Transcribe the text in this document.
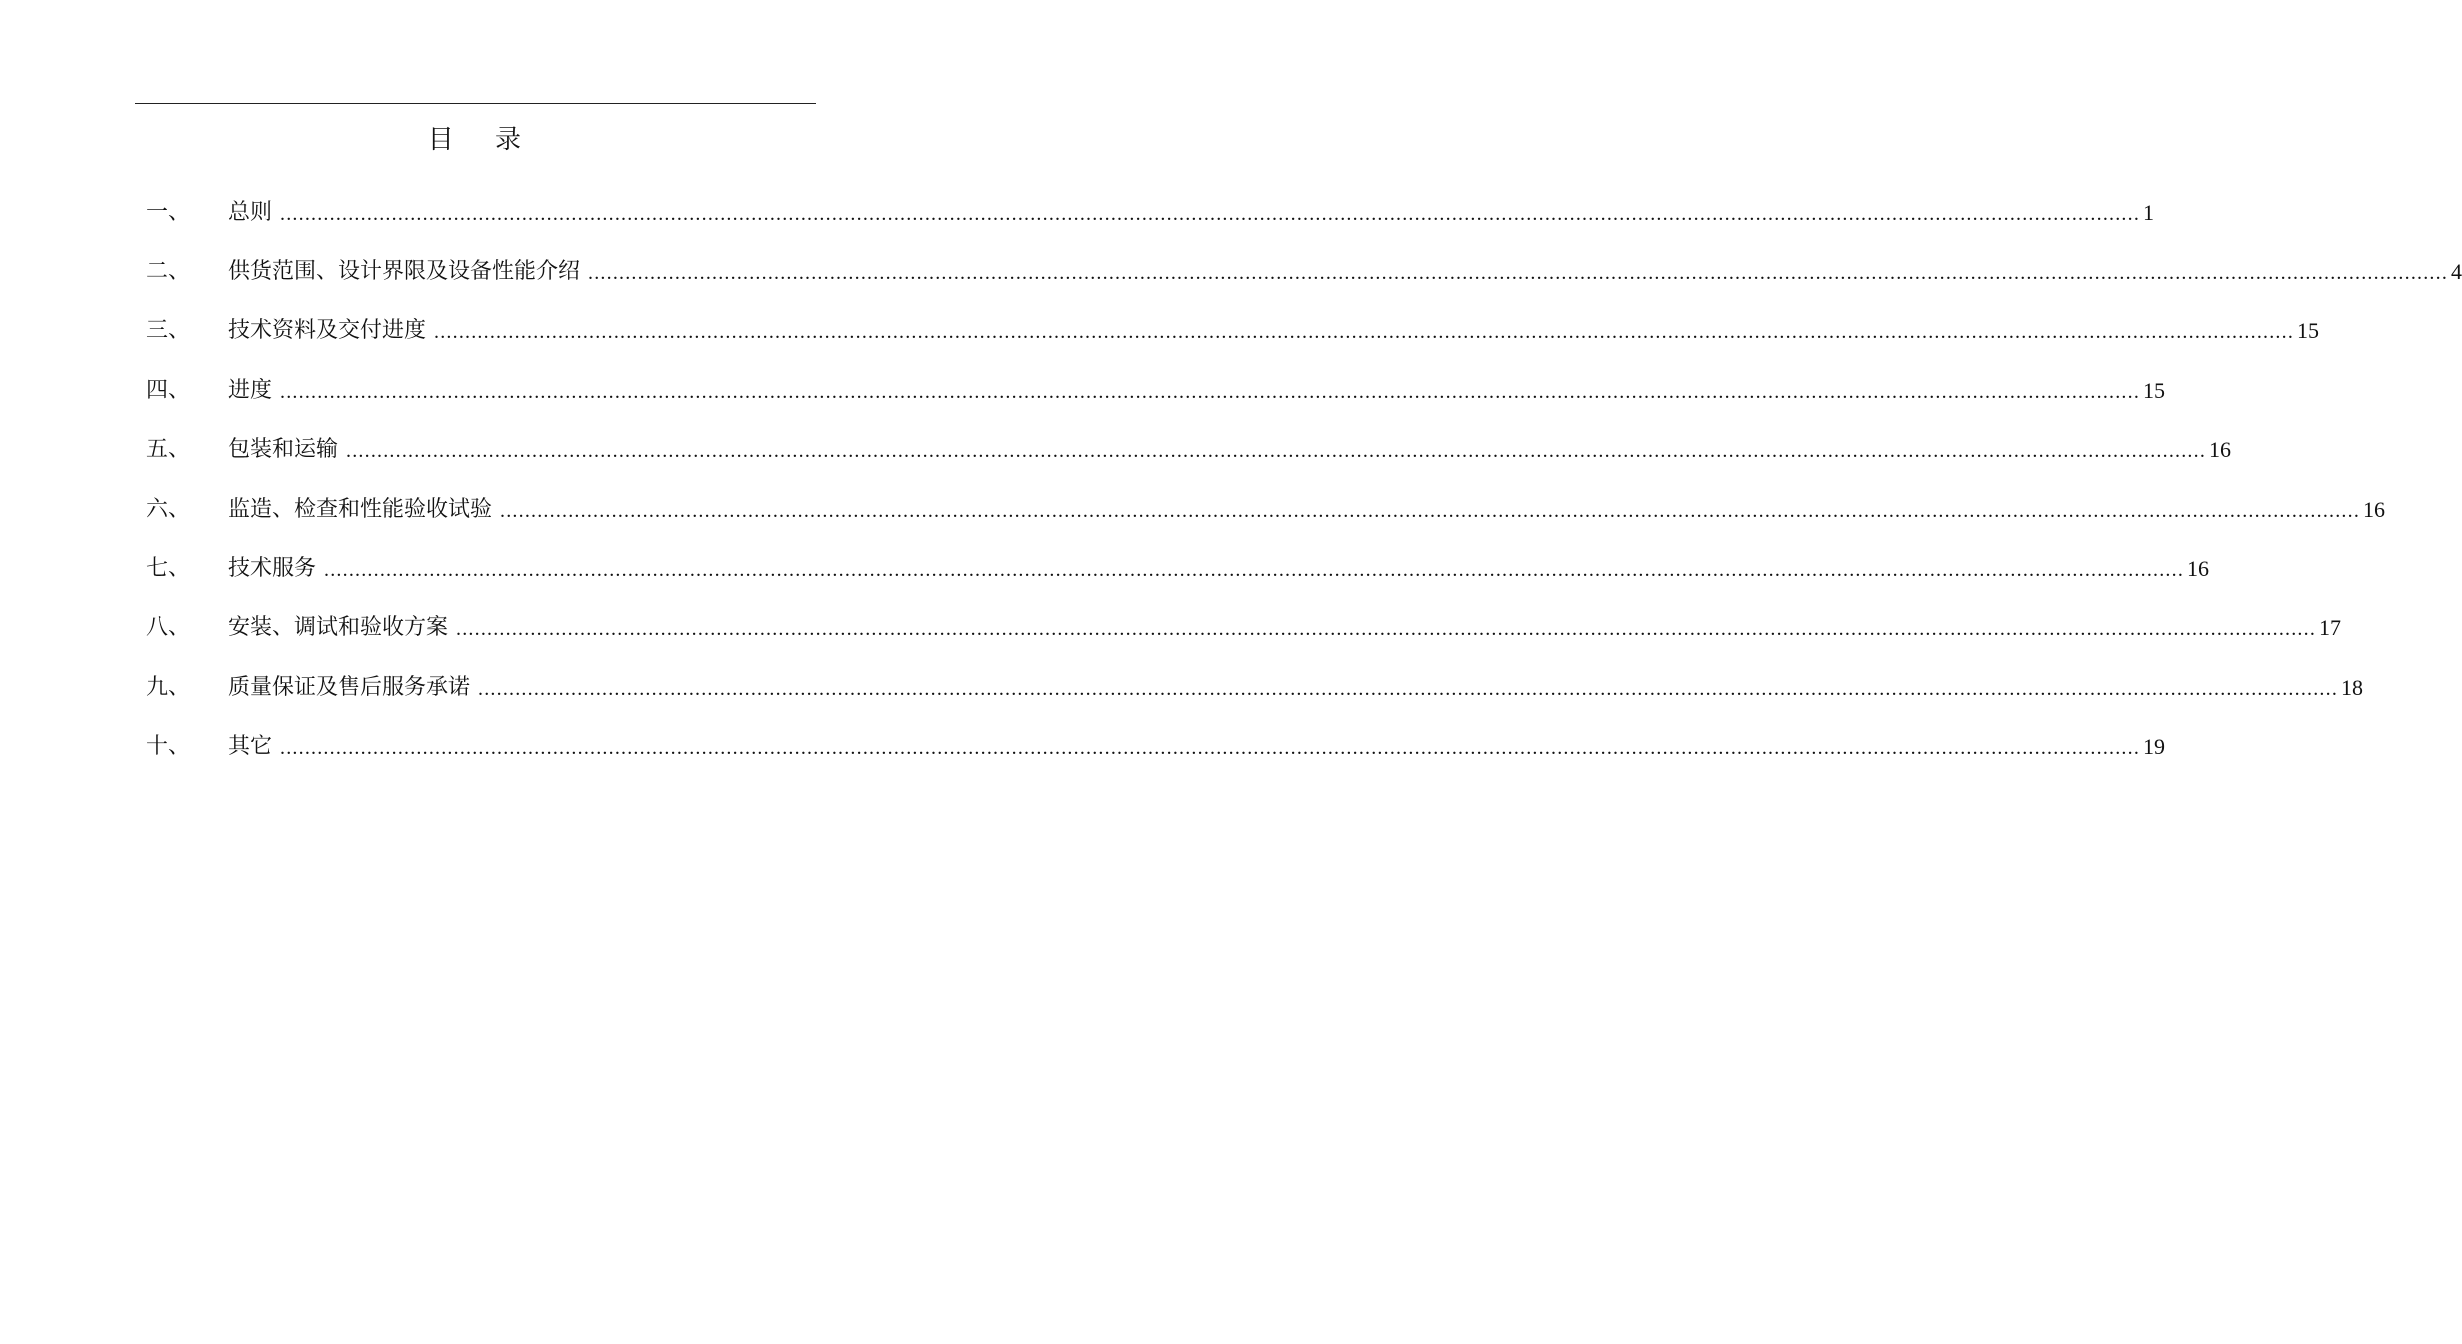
目 录
一、	总则 ............................................................................................................................................................................................................................................................................................................ 1
二、	供货范围、设计界限及设备性能介绍 ............................................................................................................................................................................................................................................................................................................ 4
三、	技术资料及交付进度 ............................................................................................................................................................................................................................................................................................................ 15
四、	进度 ............................................................................................................................................................................................................................................................................................................ 15
五、	包装和运输 ............................................................................................................................................................................................................................................................................................................ 16
六、	监造、检查和性能验收试验 ............................................................................................................................................................................................................................................................................................................ 16
七、	技术服务 ............................................................................................................................................................................................................................................................................................................ 16
八、	安装、调试和验收方案 ............................................................................................................................................................................................................................................................................................................ 17
九、	质量保证及售后服务承诺 ............................................................................................................................................................................................................................................................................................................ 18
十、	其它 ............................................................................................................................................................................................................................................................................................................ 19
